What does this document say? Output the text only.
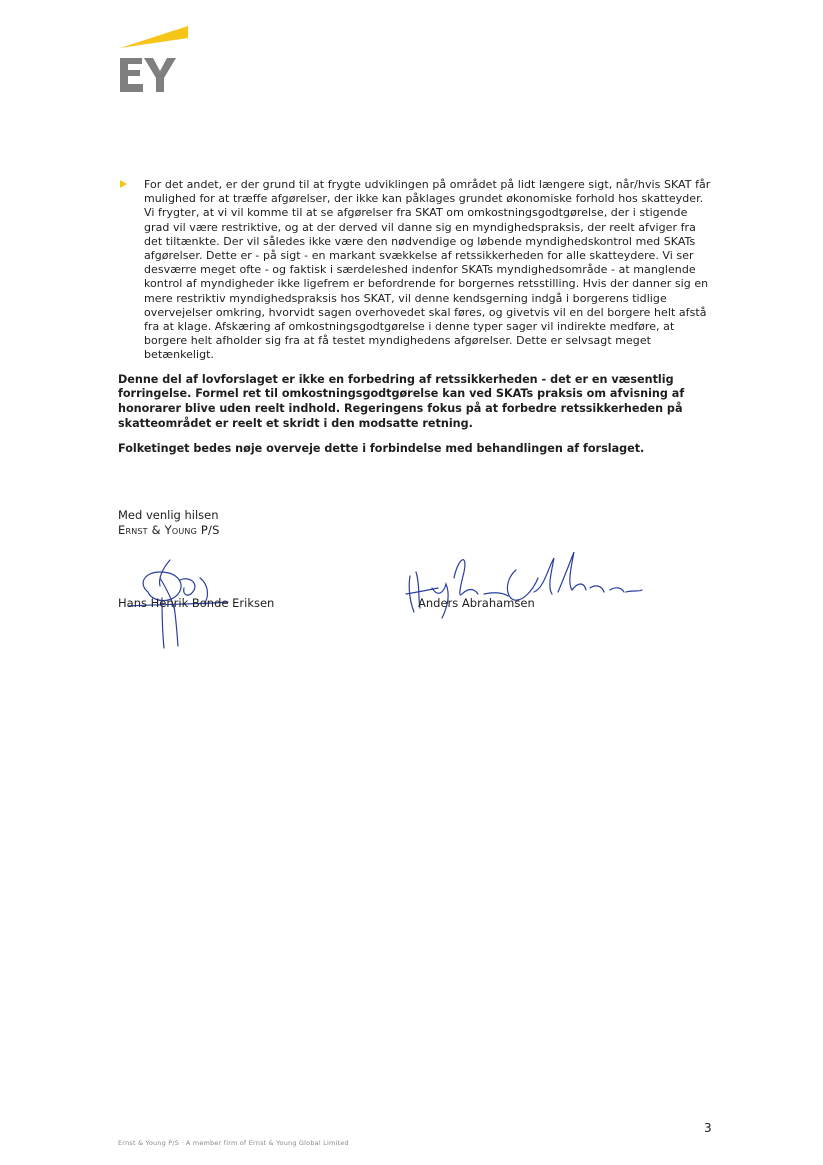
For det andet, er der grund til at frygte udviklingen på området på lidt længere sigt, når/hvis SKAT får mulighed for at træffe afgørelser, der ikke kan påklages grundet økonomiske forhold hos skatteyder. Vi frygter, at vi vil komme til at se afgørelser fra SKAT om omkostningsgodtgørelse, der i stigende grad vil være restriktive, og at der derved vil danne sig en myndighedspraksis, der reelt afviger fra det tiltænkte. Der vil således ikke være den nødvendige og løbende myndighedskontrol med SKATs afgørelser. Dette er - på sigt - en markant svækkelse af retssikkerheden for alle skatteydere. Vi ser desværre meget ofte - og faktisk i særdeleshed indenfor SKATs myndighedsområde - at manglende kontrol af myndigheder ikke ligefrem er befordrende for borgernes retsstilling. Hvis der danner sig en mere restriktiv myndighedspraksis hos SKAT, vil denne kendsgerning indgå i borgerens tidlige overvejelser omkring, hvorvidt sagen overhovedet skal føres, og givetvis vil en del borgere helt afstå fra at klage. Afskæring af omkostningsgodtgørelse i denne typer sager vil indirekte medføre, at borgere helt afholder sig fra at få testet myndighedens afgørelser. Dette er selvsagt meget betænkeligt.

Denne del af lovforslaget er ikke en forbedring af retssikkerheden - det er en væsentlig forringelse. Formel ret til omkostningsgodtgørelse kan ved SKATs praksis om afvisning af honorarer blive uden reelt indhold. Regeringens fokus på at forbedre retssikkerheden på skatteområdet er reelt et skridt i den modsatte retning.

Folketinget bedes nøje overveje dette i forbindelse med behandlingen af forslaget.

Med venlig hilsen

Ernst & Young P/S

Hans Henrik Bonde Eriksen	Anders Abrahamsen
Ernst & Young P/S · A member firm of Ernst & Young Global Limited
3
